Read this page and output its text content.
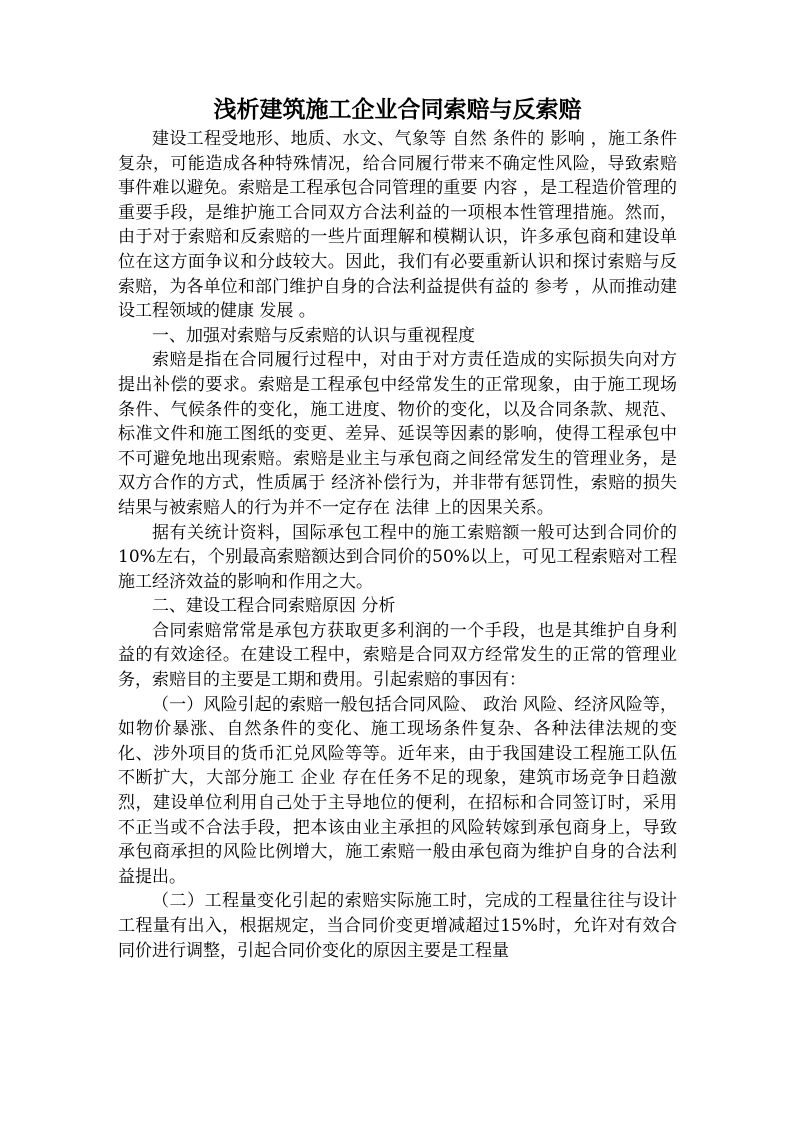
浅析建筑施工企业合同索赔与反索赔

建设工程受地形、地质、水文、气象等 自然 条件的 影响 ，施工条件复杂，可能造成各种特殊情况，给合同履行带来不确定性风险，导致索赔事件难以避免。索赔是工程承包合同管理的重要 内容 ，是工程造价管理的重要手段，是维护施工合同双方合法利益的一项根本性管理措施。然而，由于对于索赔和反索赔的一些片面理解和模糊认识，许多承包商和建设单位在这方面争议和分歧较大。因此，我们有必要重新认识和探讨索赔与反索赔，为各单位和部门维护自身的合法利益提供有益的 参考 ，从而推动建设工程领域的健康 发展 。

一、加强对索赔与反索赔的认识与重视程度

索赔是指在合同履行过程中，对由于对方责任造成的实际损失向对方提出补偿的要求。索赔是工程承包中经常发生的正常现象，由于施工现场条件、气候条件的变化，施工进度、物价的变化，以及合同条款、规范、标准文件和施工图纸的变更、差异、延误等因素的影响，使得工程承包中不可避免地出现索赔。索赔是业主与承包商之间经常发生的管理业务，是双方合作的方式，性质属于 经济补偿行为，并非带有惩罚性，索赔的损失结果与被索赔人的行为并不一定存在 法律 上的因果关系。

据有关统计资料，国际承包工程中的施工索赔额一般可达到合同价的10%左右，个别最高索赔额达到合同价的50%以上，可见工程索赔对工程施工经济效益的影响和作用之大。

二、建设工程合同索赔原因 分析

合同索赔常常是承包方获取更多利润的一个手段，也是其维护自身利益的有效途径。在建设工程中，索赔是合同双方经常发生的正常的管理业务，索赔目的主要是工期和费用。引起索赔的事因有：

（一）风险引起的索赔一般包括合同风险、 政治 风险、经济风险等，如物价暴涨、自然条件的变化、施工现场条件复杂、各种法律法规的变化、涉外项目的货币汇兑风险等等。近年来，由于我国建设工程施工队伍不断扩大，大部分施工 企业 存在任务不足的现象，建筑市场竞争日趋激烈，建设单位利用自己处于主导地位的便利，在招标和合同签订时，采用不正当或不合法手段，把本该由业主承担的风险转嫁到承包商身上，导致承包商承担的风险比例增大，施工索赔一般由承包商为维护自身的合法利益提出。

（二）工程量变化引起的索赔实际施工时，完成的工程量往往与设计工程量有出入，根据规定，当合同价变更增减超过15%时，允许对有效合同价进行调整，引起合同价变化的原因主要是工程量
